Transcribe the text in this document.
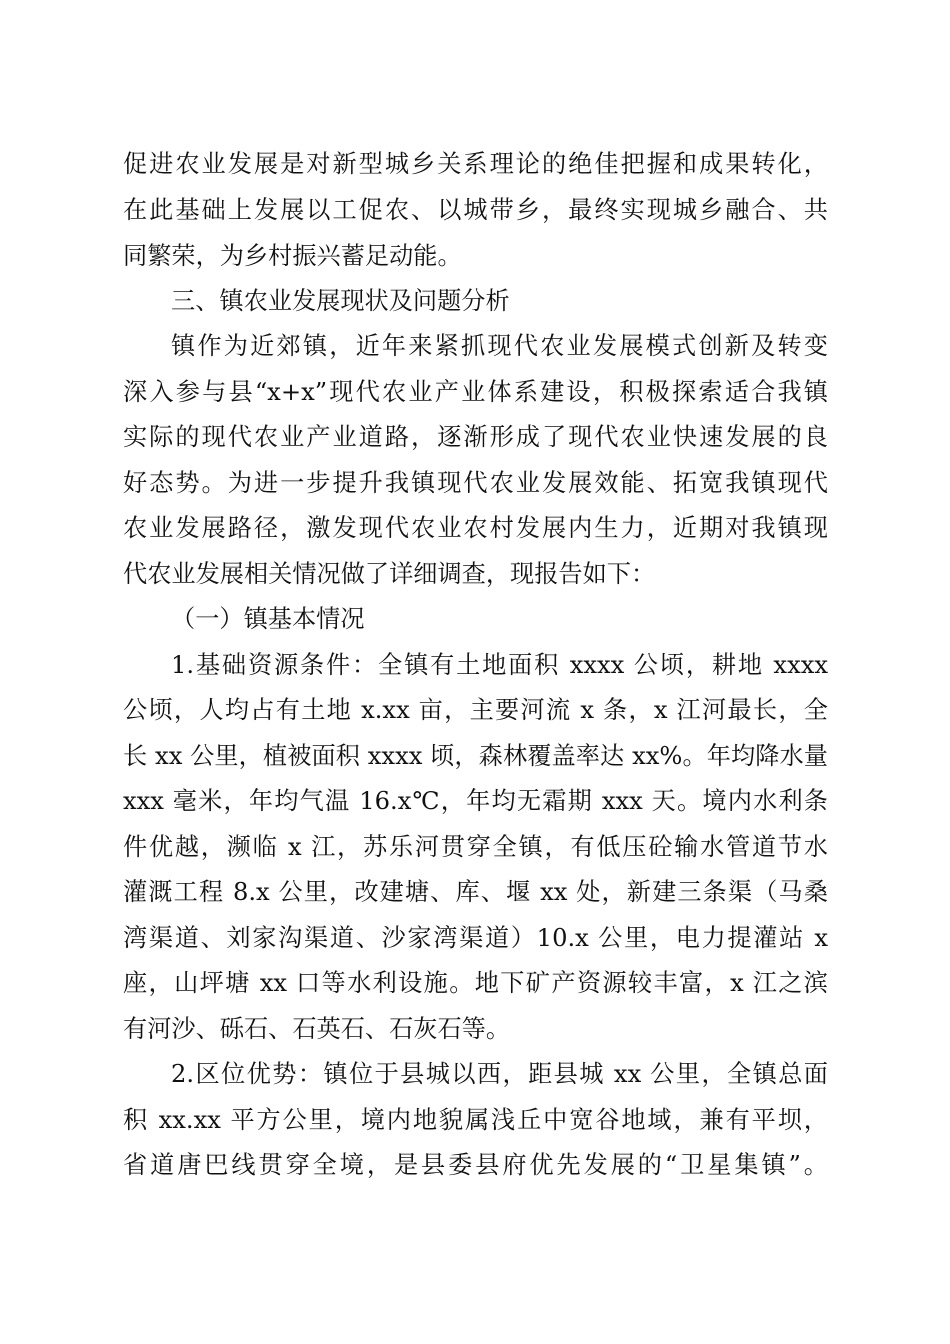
促进农业发展是对新型城乡关系理论的绝佳把握和成果转化，
在此基础上发展以工促农、以城带乡，最终实现城乡融合、共
同繁荣，为乡村振兴蓄足动能。
三、镇农业发展现状及问题分析
镇作为近郊镇，近年来紧抓现代农业发展模式创新及转变
深入参与县“x+x”现代农业产业体系建设，积极探索适合我镇
实际的现代农业产业道路，逐渐形成了现代农业快速发展的良
好态势。为进一步提升我镇现代农业发展效能、拓宽我镇现代
农业发展路径，激发现代农业农村发展内生力，近期对我镇现
代农业发展相关情况做了详细调查，现报告如下：
（一）镇基本情况
1.基础资源条件：全镇有土地面积 xxxx 公顷，耕地 xxxx
公顷，人均占有土地 x.xx 亩，主要河流 x 条，x 江河最长，全
长 xx 公里，植被面积 xxxx 顷，森林覆盖率达 xx%。年均降水量
xxx 毫米，年均气温 16.x℃，年均无霜期 xxx 天。境内水利条
件优越，濒临 x 江，苏乐河贯穿全镇，有低压砼输水管道节水
灌溉工程 8.x 公里，改建塘、库、堰 xx 处，新建三条渠（马桑
湾渠道、刘家沟渠道、沙家湾渠道）10.x 公里，电力提灌站 x
座，山坪塘 xx 口等水利设施。地下矿产资源较丰富，x 江之滨
有河沙、砾石、石英石、石灰石等。
2.区位优势：镇位于县城以西，距县城 xx 公里，全镇总面
积 xx.xx 平方公里，境内地貌属浅丘中宽谷地域，兼有平坝，
省道唐巴线贯穿全境，是县委县府优先发展的“卫星集镇”。
